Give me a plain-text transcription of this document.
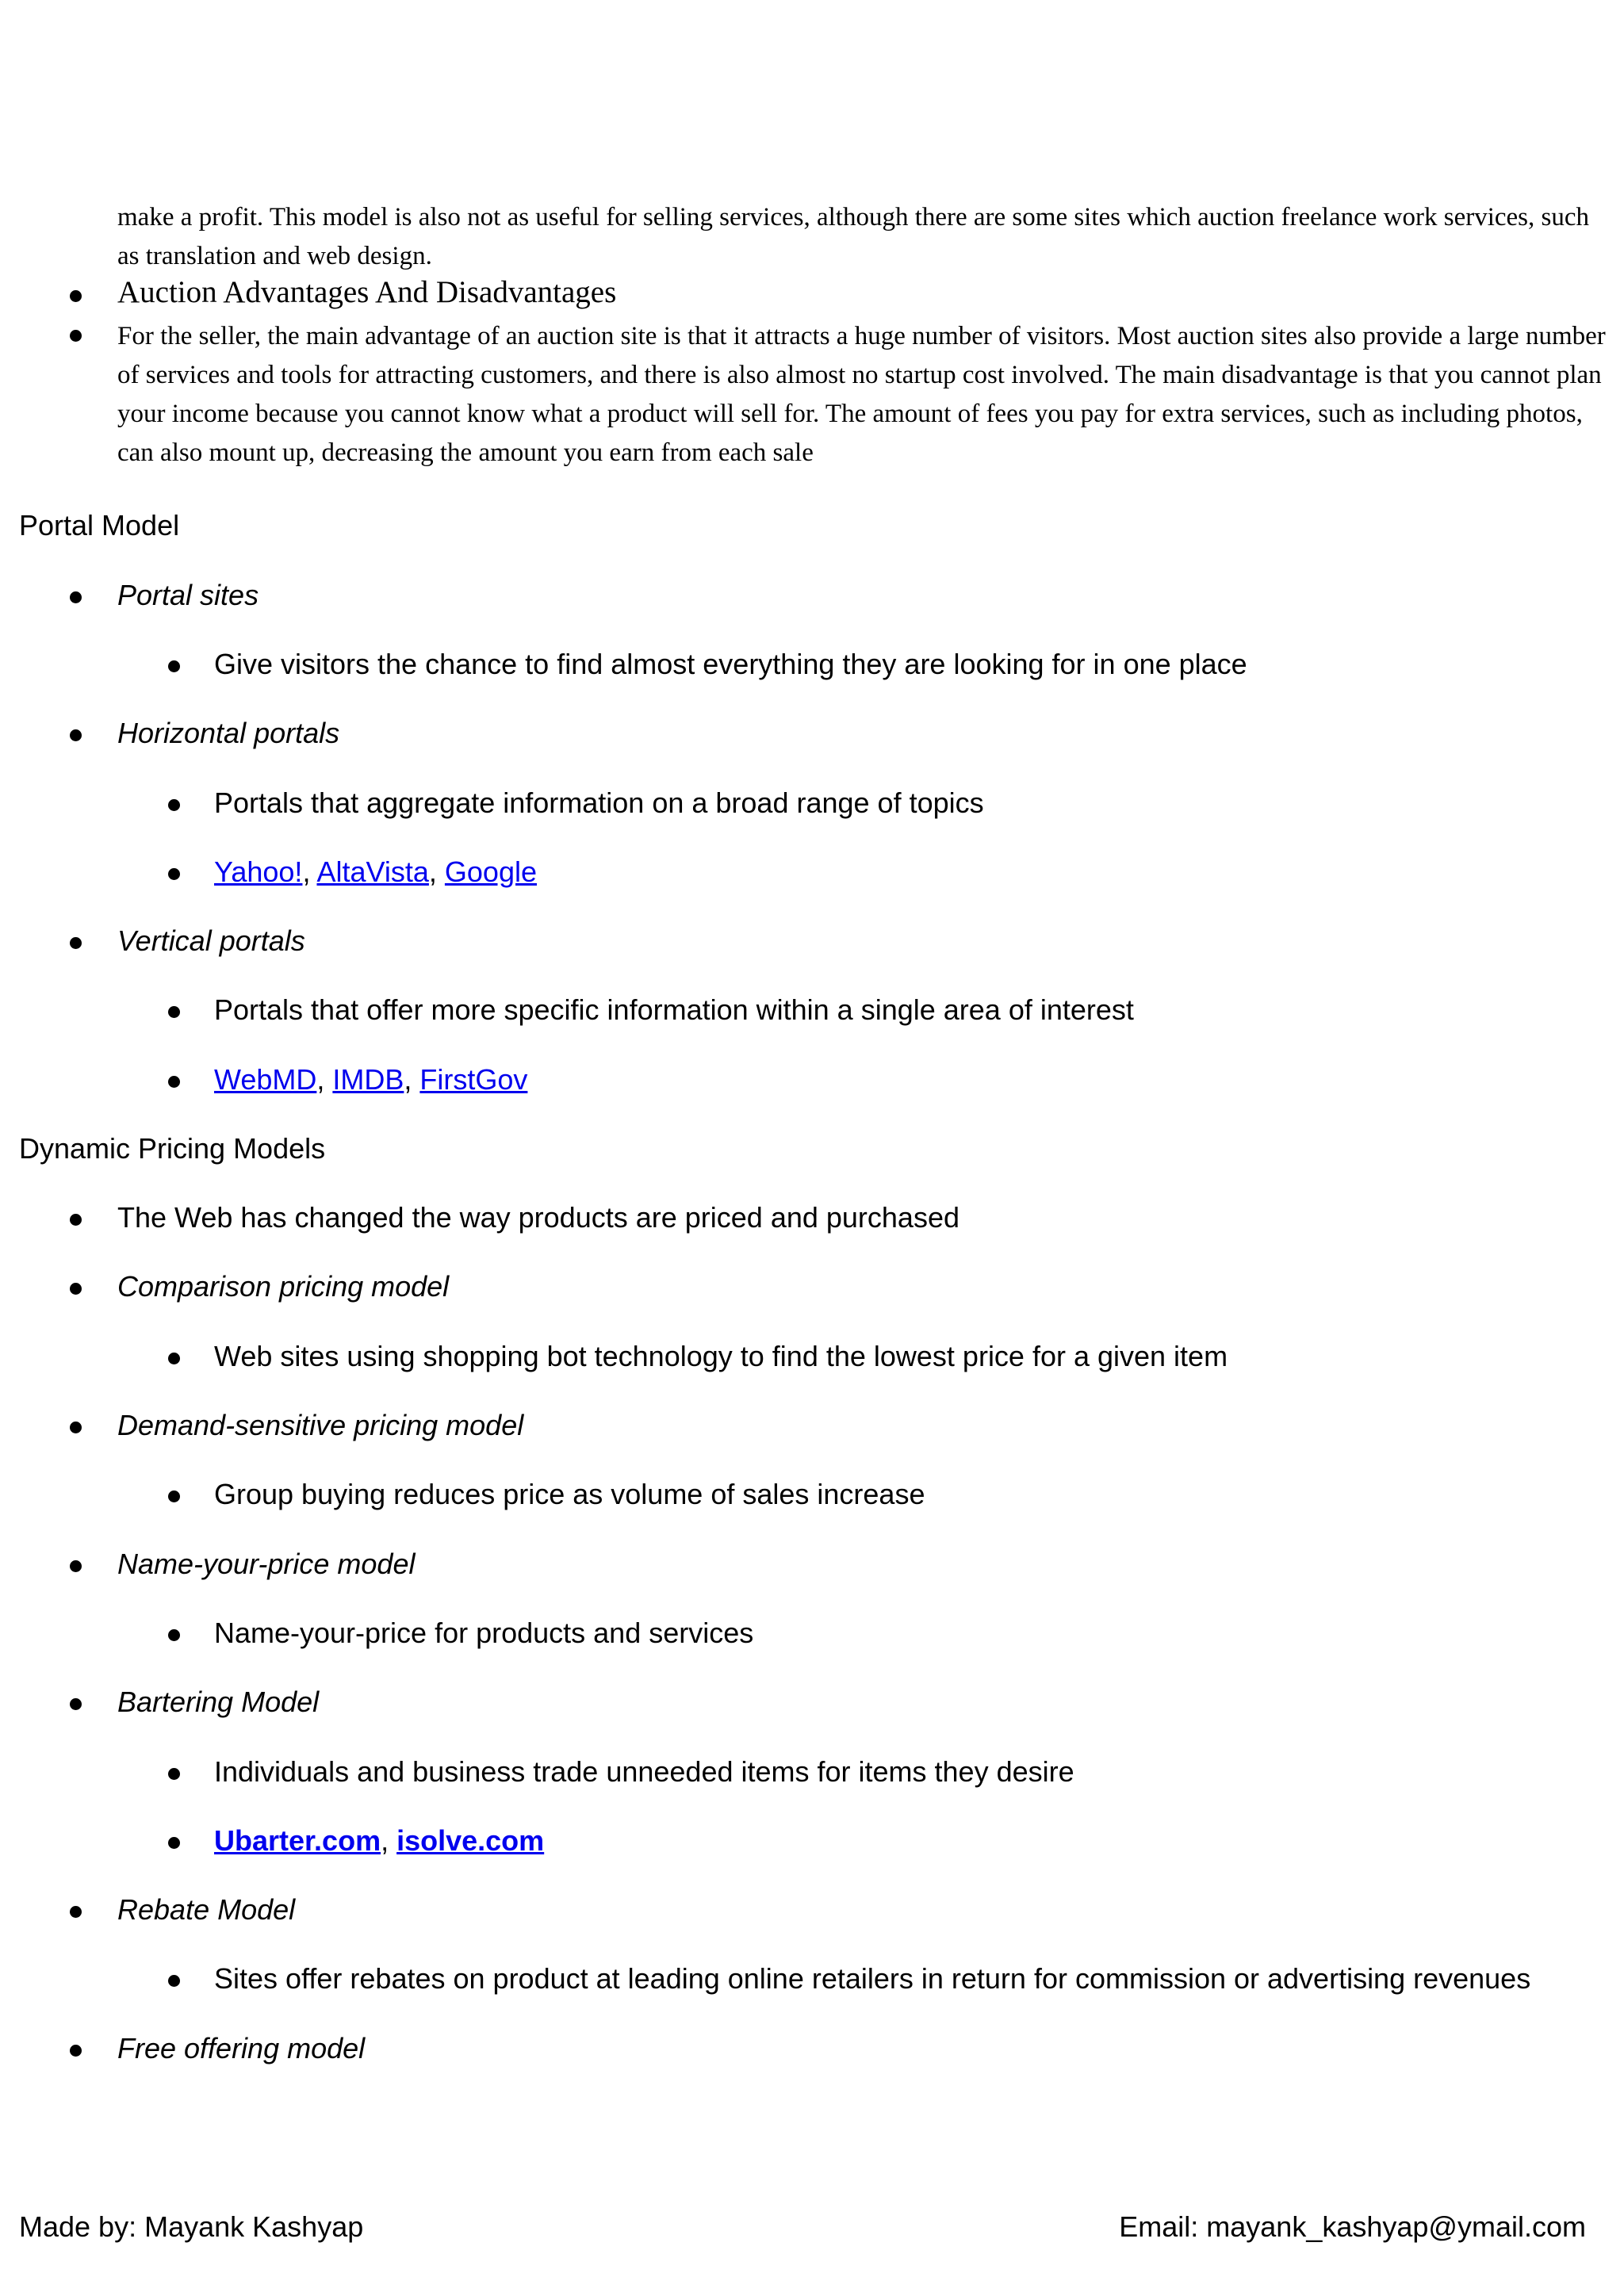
make a profit. This model is also not as useful for selling services, although there are some sites which auction freelance work services, such as translation and web design.
Auction Advantages And Disadvantages
For the seller, the main advantage of an auction site is that it attracts a huge number of visitors. Most auction sites also provide a large number of services and tools for attracting customers, and there is also almost no startup cost involved. The main disadvantage is that you cannot plan your income because you cannot know what a product will sell for. The amount of fees you pay for extra services, such as including photos, can also mount up, decreasing the amount you earn from each sale
Portal Model
Portal sites
Give visitors the chance to find almost everything they are looking for in one place
Horizontal portals
Portals that aggregate information on a broad range of topics
Yahoo!, AltaVista, Google
Vertical portals
Portals that offer more specific information within a single area of interest
WebMD, IMDB, FirstGov
Dynamic Pricing Models
The Web has changed the way products are priced and purchased
Comparison pricing model
Web sites using shopping bot technology to find the lowest price for a given item
Demand-sensitive pricing model
Group buying reduces price as volume of sales increase
Name-your-price model
Name-your-price for products and services
Bartering Model
Individuals and business trade unneeded items for items they desire
Ubarter.com, isolve.com
Rebate Model
Sites offer rebates on product at leading online retailers in return for commission or advertising revenues
Free offering model
Made by: Mayank Kashyap	Email: mayank_kashyap@ymail.com
